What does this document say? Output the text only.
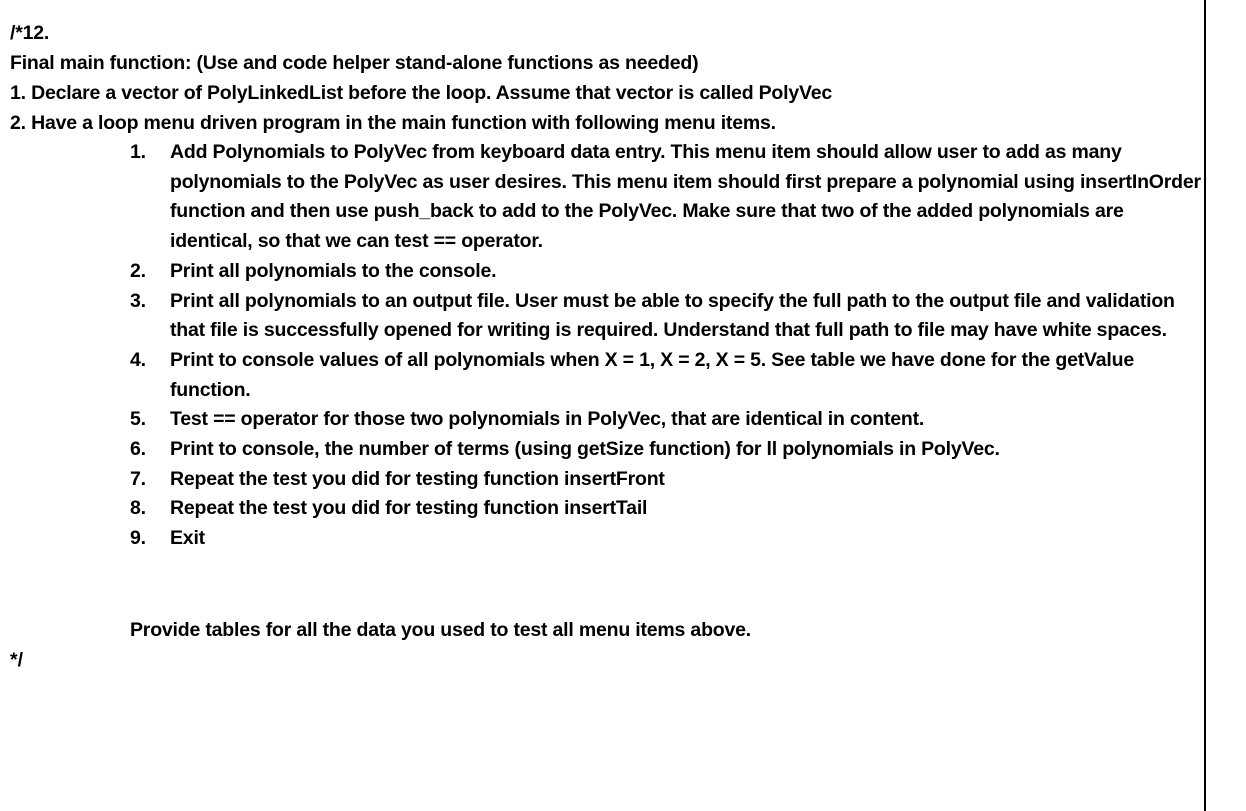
/*12.
Final main function: (Use and code helper stand-alone functions as needed)
1. Declare a vector of PolyLinkedList before the loop. Assume that vector is called PolyVec
2. Have a loop menu driven program in the main function with following menu items.
1. Add Polynomials to PolyVec from keyboard data entry. This menu item should allow user to add as many polynomials to the PolyVec as user desires. This menu item should first prepare a polynomial using insertInOrder function and then use push_back to add to the PolyVec. Make sure that two of the added polynomials are identical, so that we can test == operator.
2. Print all polynomials to the console.
3. Print all polynomials to an output file. User must be able to specify the full path to the output file and validation that file is successfully opened for writing is required. Understand that full path to file may have white spaces.
4. Print to console values of all polynomials when X = 1, X = 2, X = 5. See table we have done for the getValue function.
5. Test == operator for those two polynomials in PolyVec, that are identical in content.
6. Print to console, the number of terms (using getSize function) for ll polynomials in PolyVec.
7. Repeat the test you did for testing function insertFront
8. Repeat the test you did for testing function insertTail
9. Exit
Provide tables for all the data you used to test all menu items above.
*/
